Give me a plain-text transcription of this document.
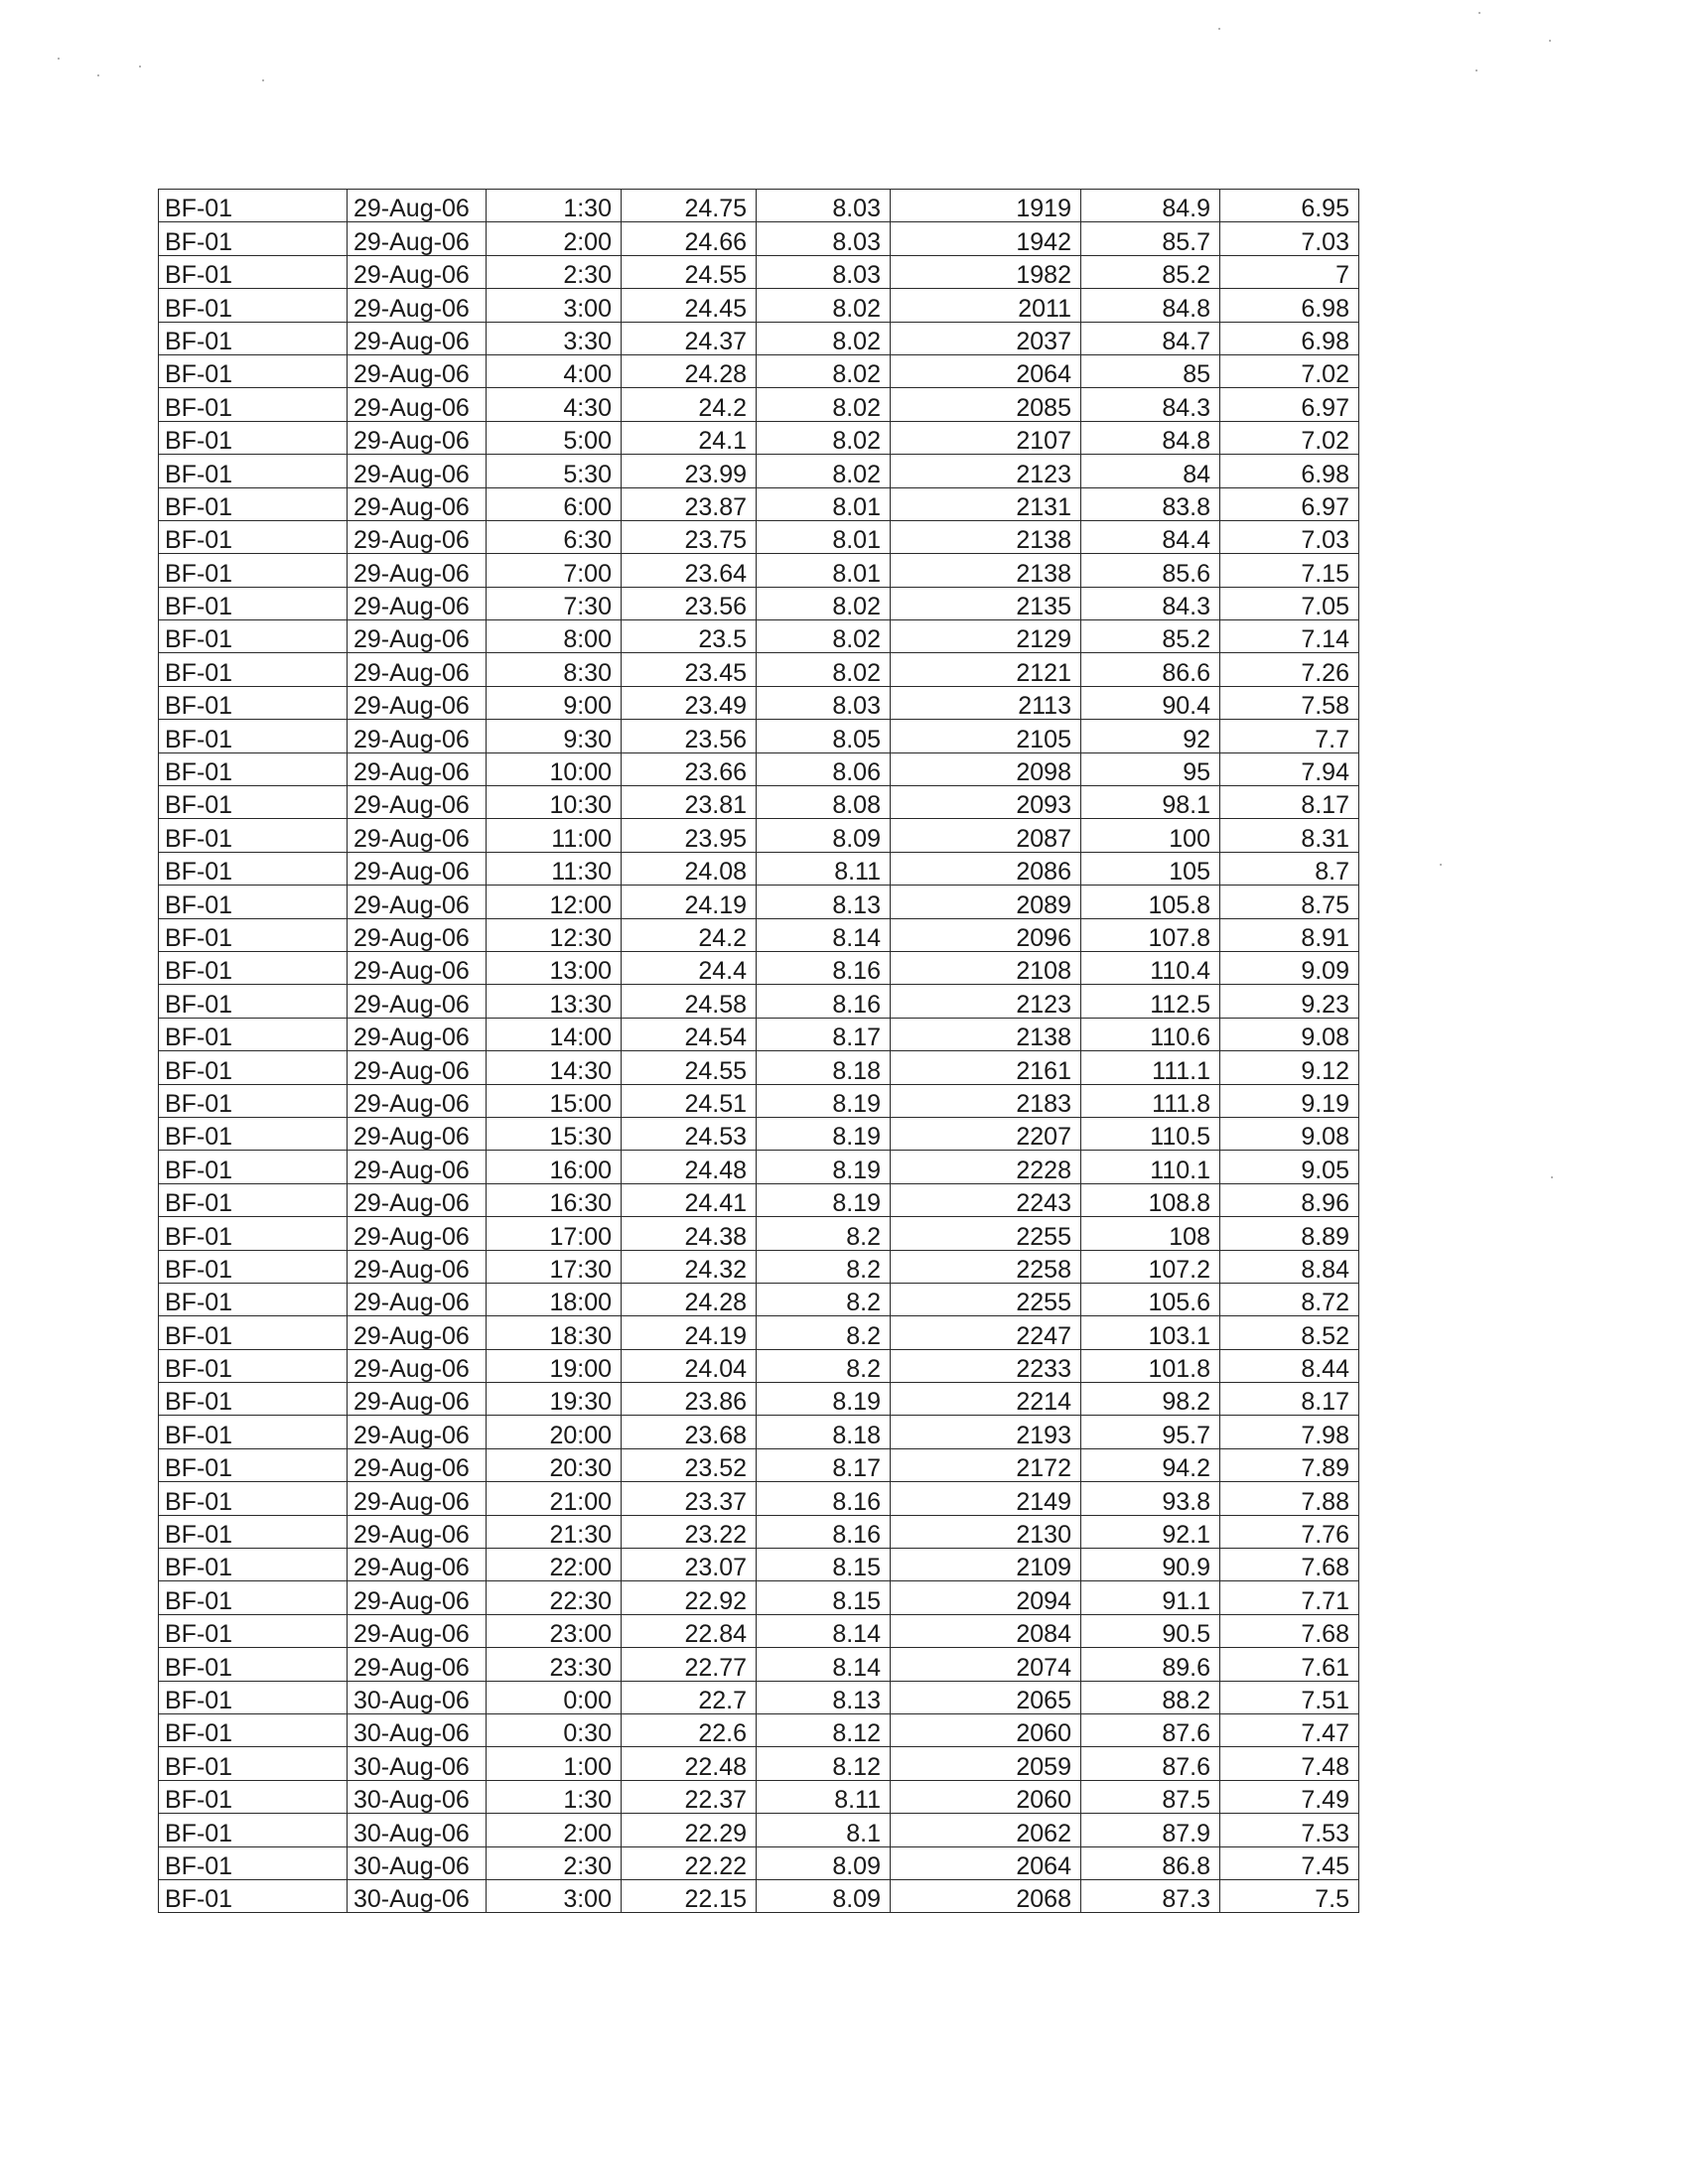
BF-01	29-Aug-06	1:30	24.75	8.03	1919	84.9	6.95
BF-01	29-Aug-06	2:00	24.66	8.03	1942	85.7	7.03
BF-01	29-Aug-06	2:30	24.55	8.03	1982	85.2	7
BF-01	29-Aug-06	3:00	24.45	8.02	2011	84.8	6.98
BF-01	29-Aug-06	3:30	24.37	8.02	2037	84.7	6.98
BF-01	29-Aug-06	4:00	24.28	8.02	2064	85	7.02
BF-01	29-Aug-06	4:30	24.2	8.02	2085	84.3	6.97
BF-01	29-Aug-06	5:00	24.1	8.02	2107	84.8	7.02
BF-01	29-Aug-06	5:30	23.99	8.02	2123	84	6.98
BF-01	29-Aug-06	6:00	23.87	8.01	2131	83.8	6.97
BF-01	29-Aug-06	6:30	23.75	8.01	2138	84.4	7.03
BF-01	29-Aug-06	7:00	23.64	8.01	2138	85.6	7.15
BF-01	29-Aug-06	7:30	23.56	8.02	2135	84.3	7.05
BF-01	29-Aug-06	8:00	23.5	8.02	2129	85.2	7.14
BF-01	29-Aug-06	8:30	23.45	8.02	2121	86.6	7.26
BF-01	29-Aug-06	9:00	23.49	8.03	2113	90.4	7.58
BF-01	29-Aug-06	9:30	23.56	8.05	2105	92	7.7
BF-01	29-Aug-06	10:00	23.66	8.06	2098	95	7.94
BF-01	29-Aug-06	10:30	23.81	8.08	2093	98.1	8.17
BF-01	29-Aug-06	11:00	23.95	8.09	2087	100	8.31
BF-01	29-Aug-06	11:30	24.08	8.11	2086	105	8.7
BF-01	29-Aug-06	12:00	24.19	8.13	2089	105.8	8.75
BF-01	29-Aug-06	12:30	24.2	8.14	2096	107.8	8.91
BF-01	29-Aug-06	13:00	24.4	8.16	2108	110.4	9.09
BF-01	29-Aug-06	13:30	24.58	8.16	2123	112.5	9.23
BF-01	29-Aug-06	14:00	24.54	8.17	2138	110.6	9.08
BF-01	29-Aug-06	14:30	24.55	8.18	2161	111.1	9.12
BF-01	29-Aug-06	15:00	24.51	8.19	2183	111.8	9.19
BF-01	29-Aug-06	15:30	24.53	8.19	2207	110.5	9.08
BF-01	29-Aug-06	16:00	24.48	8.19	2228	110.1	9.05
BF-01	29-Aug-06	16:30	24.41	8.19	2243	108.8	8.96
BF-01	29-Aug-06	17:00	24.38	8.2	2255	108	8.89
BF-01	29-Aug-06	17:30	24.32	8.2	2258	107.2	8.84
BF-01	29-Aug-06	18:00	24.28	8.2	2255	105.6	8.72
BF-01	29-Aug-06	18:30	24.19	8.2	2247	103.1	8.52
BF-01	29-Aug-06	19:00	24.04	8.2	2233	101.8	8.44
BF-01	29-Aug-06	19:30	23.86	8.19	2214	98.2	8.17
BF-01	29-Aug-06	20:00	23.68	8.18	2193	95.7	7.98
BF-01	29-Aug-06	20:30	23.52	8.17	2172	94.2	7.89
BF-01	29-Aug-06	21:00	23.37	8.16	2149	93.8	7.88
BF-01	29-Aug-06	21:30	23.22	8.16	2130	92.1	7.76
BF-01	29-Aug-06	22:00	23.07	8.15	2109	90.9	7.68
BF-01	29-Aug-06	22:30	22.92	8.15	2094	91.1	7.71
BF-01	29-Aug-06	23:00	22.84	8.14	2084	90.5	7.68
BF-01	29-Aug-06	23:30	22.77	8.14	2074	89.6	7.61
BF-01	30-Aug-06	0:00	22.7	8.13	2065	88.2	7.51
BF-01	30-Aug-06	0:30	22.6	8.12	2060	87.6	7.47
BF-01	30-Aug-06	1:00	22.48	8.12	2059	87.6	7.48
BF-01	30-Aug-06	1:30	22.37	8.11	2060	87.5	7.49
BF-01	30-Aug-06	2:00	22.29	8.1	2062	87.9	7.53
BF-01	30-Aug-06	2:30	22.22	8.09	2064	86.8	7.45
BF-01	30-Aug-06	3:00	22.15	8.09	2068	87.3	7.5
